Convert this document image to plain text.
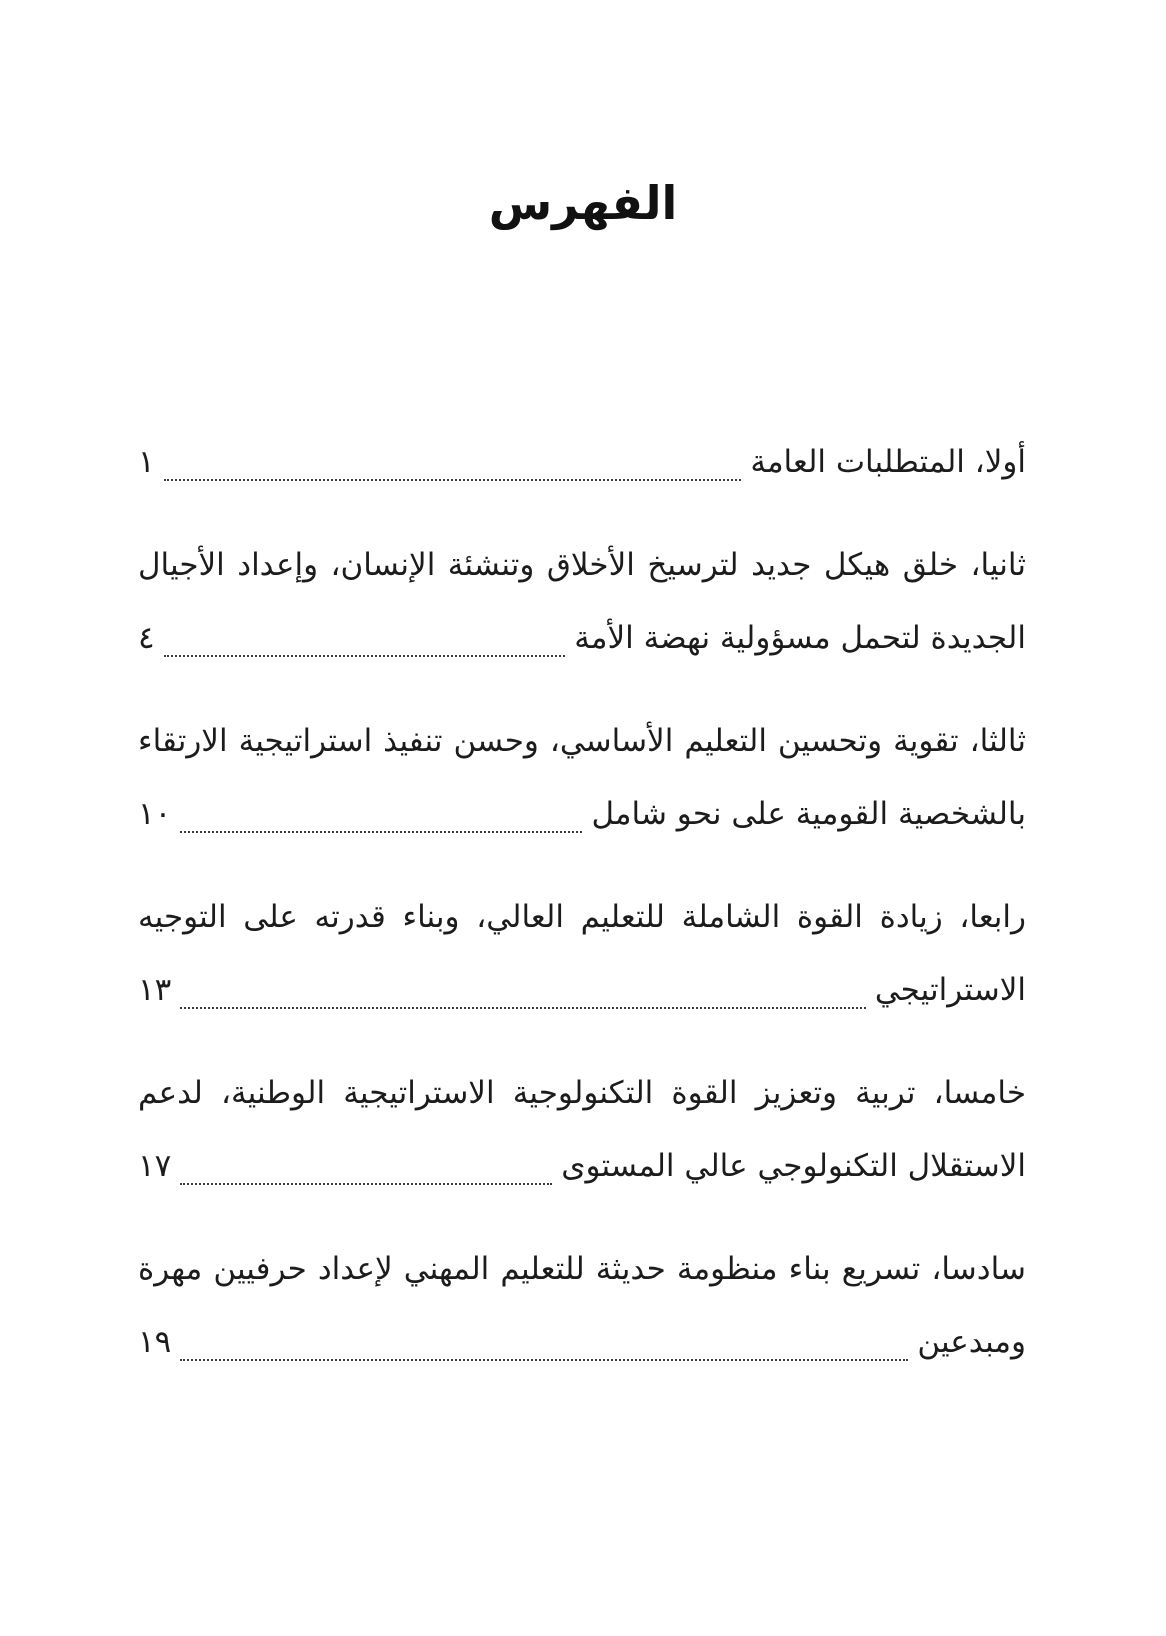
الفهرس
أولا، المتطلبات العامة
١
ثانيا، خلق هيكل جديد لترسيخ الأخلاق وتنشئة الإنسان، وإعداد الأجيال
الجديدة لتحمل مسؤولية نهضة الأمة
٤
ثالثا، تقوية وتحسين التعليم الأساسي، وحسن تنفيذ استراتيجية الارتقاء
بالشخصية القومية على نحو شامل
١٠
رابعا، زيادة القوة الشاملة للتعليم العالي، وبناء قدرته على التوجيه
الاستراتيجي
١٣
خامسا، تربية وتعزيز القوة التكنولوجية الاستراتيجية الوطنية، لدعم
الاستقلال التكنولوجي عالي المستوى
١٧
سادسا، تسريع بناء منظومة حديثة للتعليم المهني لإعداد حرفيين مهرة
ومبدعين
١٩
